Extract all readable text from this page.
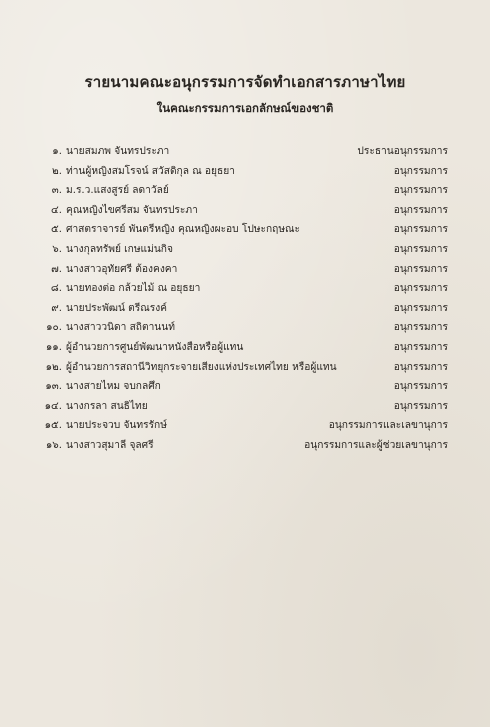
รายนามคณะอนุกรรมการจัดทำเอกสารภาษาไทย
ในคณะกรรมการเอกลักษณ์ของชาติ
๑. นายสมภพ จันทรประภา	ประธานอนุกรรมการ
๒. ท่านผู้หญิงสมโรจน์ สวัสดิกุล ณ อยุธยา	อนุกรรมการ
๓. ม.ร.ว.แสงสูรย์ ลดาวัลย์	อนุกรรมการ
๔. คุณหญิงไขศรีสม จันทรประภา	อนุกรรมการ
๕. ศาสตราจารย์ พันตรีหญิง คุณหญิงผะอบ โปษะกฤษณะ	อนุกรรมการ
๖. นางกุลทรัพย์ เกษแม่นกิจ	อนุกรรมการ
๗. นางสาวอุทัยศรี ต้องคงคา	อนุกรรมการ
๘. นายทองต่อ กล้วยไม้ ณ อยุธยา	อนุกรรมการ
๙. นายประพัฒน์ ตรีณรงค์	อนุกรรมการ
๑๐. นางสาววนิดา สถิตานนท์	อนุกรรมการ
๑๑. ผู้อำนวยการศูนย์พัฒนาหนังสือหรือผู้แทน	อนุกรรมการ
๑๒. ผู้อำนวยการสถานีวิทยุกระจายเสียงแห่งประเทศไทย หรือผู้แทน	อนุกรรมการ
๑๓. นางสายไหม จบกลศึก	อนุกรรมการ
๑๔. นางกรลา สนธิไทย	อนุกรรมการ
๑๕. นายประจวบ จันทรรักษ์	อนุกรรมการและเลขานุการ
๑๖. นางสาวสุมาลี จุลศรี	อนุกรรมการและผู้ช่วยเลขานุการ
